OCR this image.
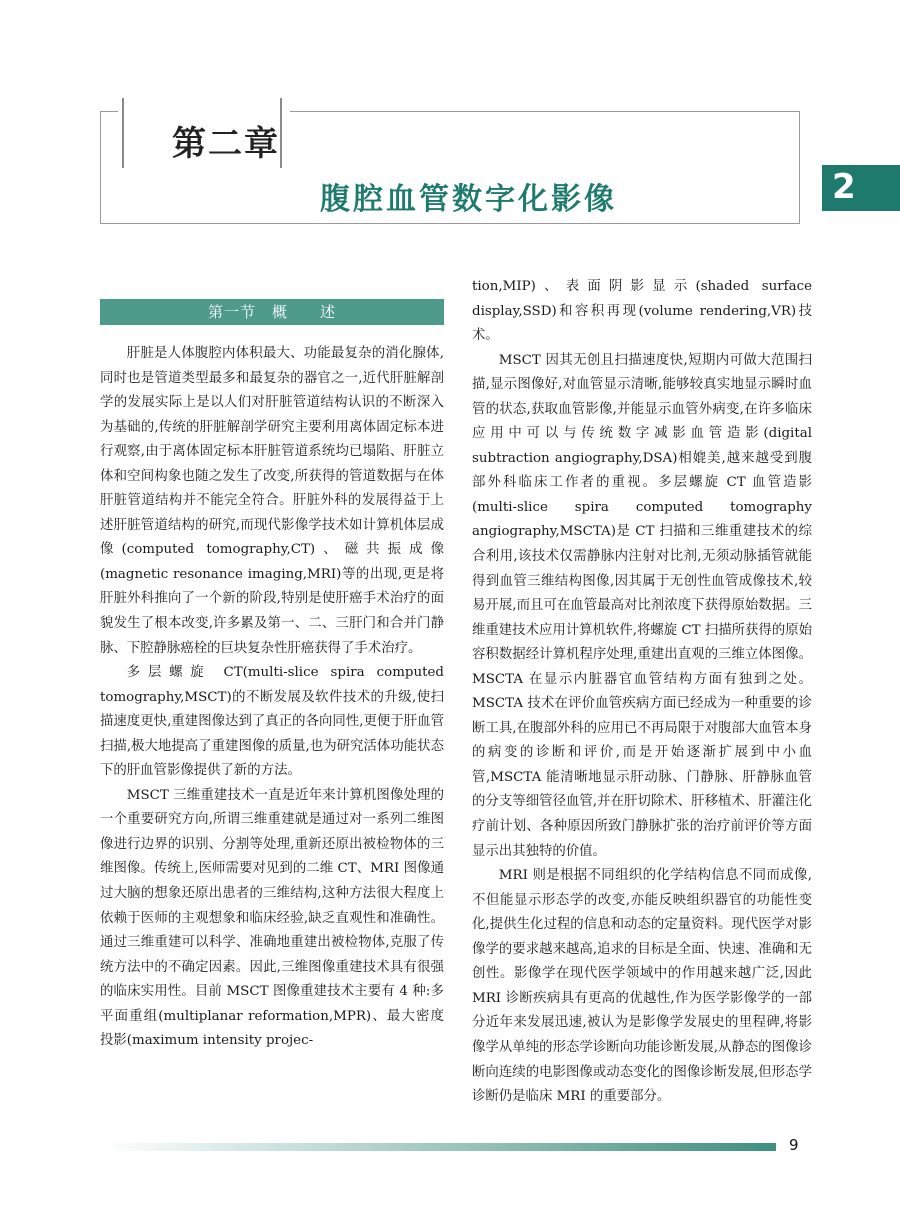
第二章
腹腔血管数字化影像	2
第一节　概　　述

肝脏是人体腹腔内体积最大、功能最复杂的消化腺体,同时也是管道类型最多和最复杂的器官之一,近代肝脏解剖学的发展实际上是以人们对肝脏管道结构认识的不断深入为基础的,传统的肝脏解剖学研究主要利用离体固定标本进行观察,由于离体固定标本肝脏管道系统均已塌陷、肝脏立体和空间构象也随之发生了改变,所获得的管道数据与在体肝脏管道结构并不能完全符合。肝脏外科的发展得益于上述肝脏管道结构的研究,而现代影像学技术如计算机体层成像(computed tomography,CT)、磁共振成像(magnetic resonance imaging,MRI)等的出现,更是将肝脏外科推向了一个新的阶段,特别是使肝癌手术治疗的面貌发生了根本改变,许多累及第一、二、三肝门和合并门静脉、下腔静脉癌栓的巨块复杂性肝癌获得了手术治疗。

多层螺旋 CT(multi-slice spira computed tomography,MSCT)的不断发展及软件技术的升级,使扫描速度更快,重建图像达到了真正的各向同性,更便于肝血管扫描,极大地提高了重建图像的质量,也为研究活体功能状态下的肝血管影像提供了新的方法。

MSCT 三维重建技术一直是近年来计算机图像处理的一个重要研究方向,所谓三维重建就是通过对一系列二维图像进行边界的识别、分割等处理,重新还原出被检物体的三维图像。传统上,医师需要对见到的二维 CT、MRI 图像通过大脑的想象还原出患者的三维结构,这种方法很大程度上依赖于医师的主观想象和临床经验,缺乏直观性和准确性。通过三维重建可以科学、准确地重建出被检物体,克服了传统方法中的不确定因素。因此,三维图像重建技术具有很强的临床实用性。目前 MSCT 图像重建技术主要有 4 种:多平面重组(multiplanar reformation,MPR)、最大密度投影(maximum intensity projec-

tion,MIP)、表面阴影显示(shaded surface display,SSD)和容积再现(volume rendering,VR)技术。

MSCT 因其无创且扫描速度快,短期内可做大范围扫描,显示图像好,对血管显示清晰,能够较真实地显示瞬时血管的状态,获取血管影像,并能显示血管外病变,在许多临床应用中可以与传统数字减影血管造影(digital subtraction angiography,DSA)相媲美,越来越受到腹部外科临床工作者的重视。多层螺旋 CT 血管造影(multi-slice spira computed tomography angiography,MSCTA)是 CT 扫描和三维重建技术的综合利用,该技术仅需静脉内注射对比剂,无须动脉插管就能得到血管三维结构图像,因其属于无创性血管成像技术,较易开展,而且可在血管最高对比剂浓度下获得原始数据。三维重建技术应用计算机软件,将螺旋 CT 扫描所获得的原始容积数据经计算机程序处理,重建出直观的三维立体图像。MSCTA 在显示内脏器官血管结构方面有独到之处。MSCTA 技术在评价血管疾病方面已经成为一种重要的诊断工具,在腹部外科的应用已不再局限于对腹部大血管本身的病变的诊断和评价,而是开始逐渐扩展到中小血管,MSCTA 能清晰地显示肝动脉、门静脉、肝静脉血管的分支等细管径血管,并在肝切除术、肝移植术、肝灌注化疗前计划、各种原因所致门静脉扩张的治疗前评价等方面显示出其独特的价值。

MRI 则是根据不同组织的化学结构信息不同而成像,不但能显示形态学的改变,亦能反映组织器官的功能性变化,提供生化过程的信息和动态的定量资料。现代医学对影像学的要求越来越高,追求的目标是全面、快速、准确和无创性。影像学在现代医学领域中的作用越来越广泛,因此 MRI 诊断疾病具有更高的优越性,作为医学影像学的一部分近年来发展迅速,被认为是影像学发展史的里程碑,将影像学从单纯的形态学诊断向功能诊断发展,从静态的图像诊断向连续的电影图像或动态变化的图像诊断发展,但形态学诊断仍是临床 MRI 的重要部分。

9
